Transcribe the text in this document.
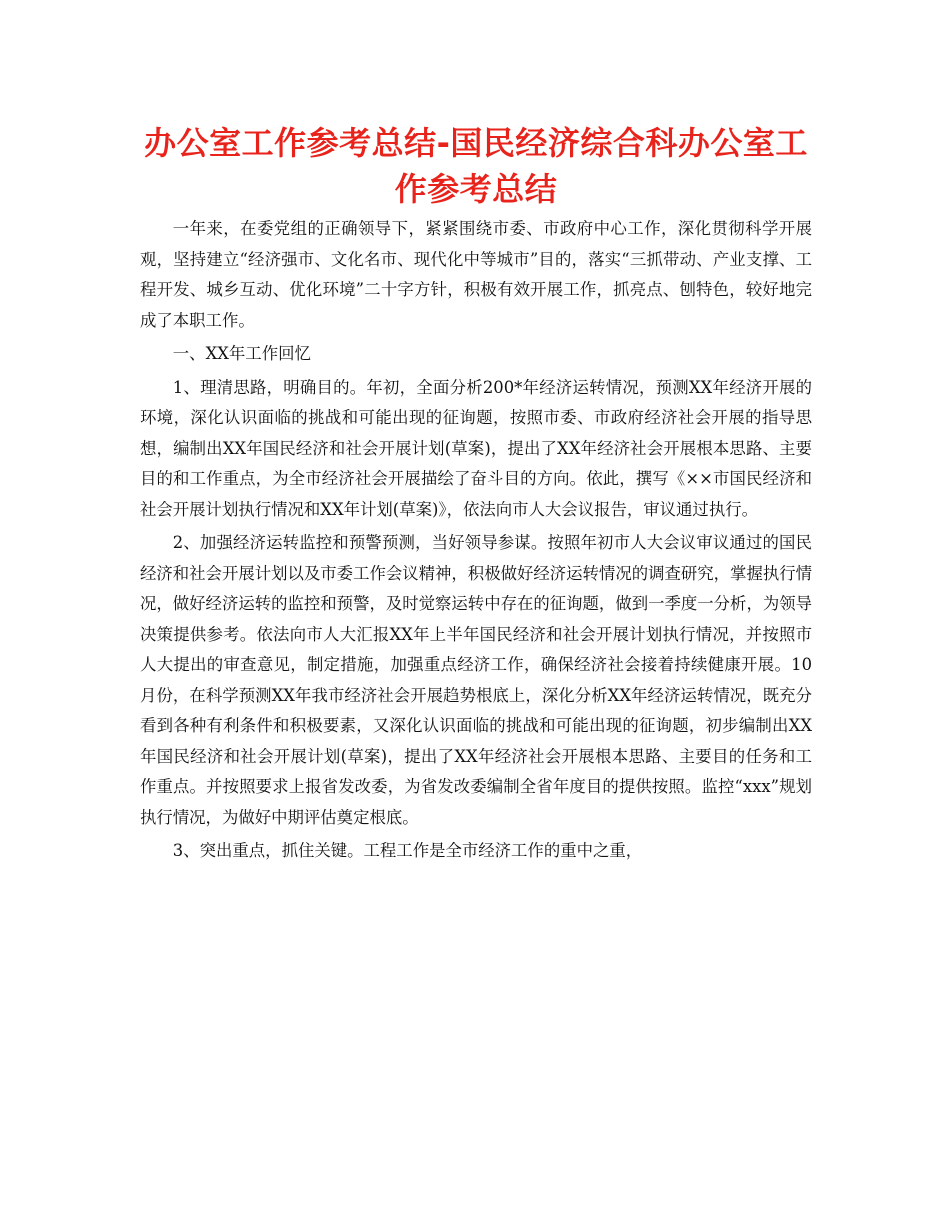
办公室工作参考总结-国民经济综合科办公室工作参考总结

一年来，在委党组的正确领导下，紧紧围绕市委、市政府中心工作，深化贯彻科学开展观，坚持建立“经济强市、文化名市、现代化中等城市”目的，落实“三抓带动、产业支撑、工程开发、城乡互动、优化环境”二十字方针，积极有效开展工作，抓亮点、刨特色，较好地完成了本职工作。

一、XX年工作回忆

1、理清思路，明确目的。年初，全面分析200*年经济运转情况，预测XX年经济开展的环境，深化认识面临的挑战和可能出现的征询题，按照市委、市政府经济社会开展的指导思想，编制出XX年国民经济和社会开展计划(草案)，提出了XX年经济社会开展根本思路、主要目的和工作重点，为全市经济社会开展描绘了奋斗目的方向。依此，撰写《××市国民经济和社会开展计划执行情况和XX年计划(草案)》，依法向市人大会议报告，审议通过执行。

2、加强经济运转监控和预警预测，当好领导参谋。按照年初市人大会议审议通过的国民经济和社会开展计划以及市委工作会议精神，积极做好经济运转情况的调查研究，掌握执行情况，做好经济运转的监控和预警，及时觉察运转中存在的征询题，做到一季度一分析，为领导决策提供参考。依法向市人大汇报XX年上半年国民经济和社会开展计划执行情况，并按照市人大提出的审查意见，制定措施，加强重点经济工作，确保经济社会接着持续健康开展。10月份，在科学预测XX年我市经济社会开展趋势根底上，深化分析XX年经济运转情况，既充分看到各种有利条件和积极要素，又深化认识面临的挑战和可能出现的征询题，初步编制出XX年国民经济和社会开展计划(草案)，提出了XX年经济社会开展根本思路、主要目的任务和工作重点。并按照要求上报省发改委，为省发改委编制全省年度目的提供按照。监控“xxx”规划执行情况，为做好中期评估奠定根底。

3、突出重点，抓住关键。工程工作是全市经济工作的重中之重，
